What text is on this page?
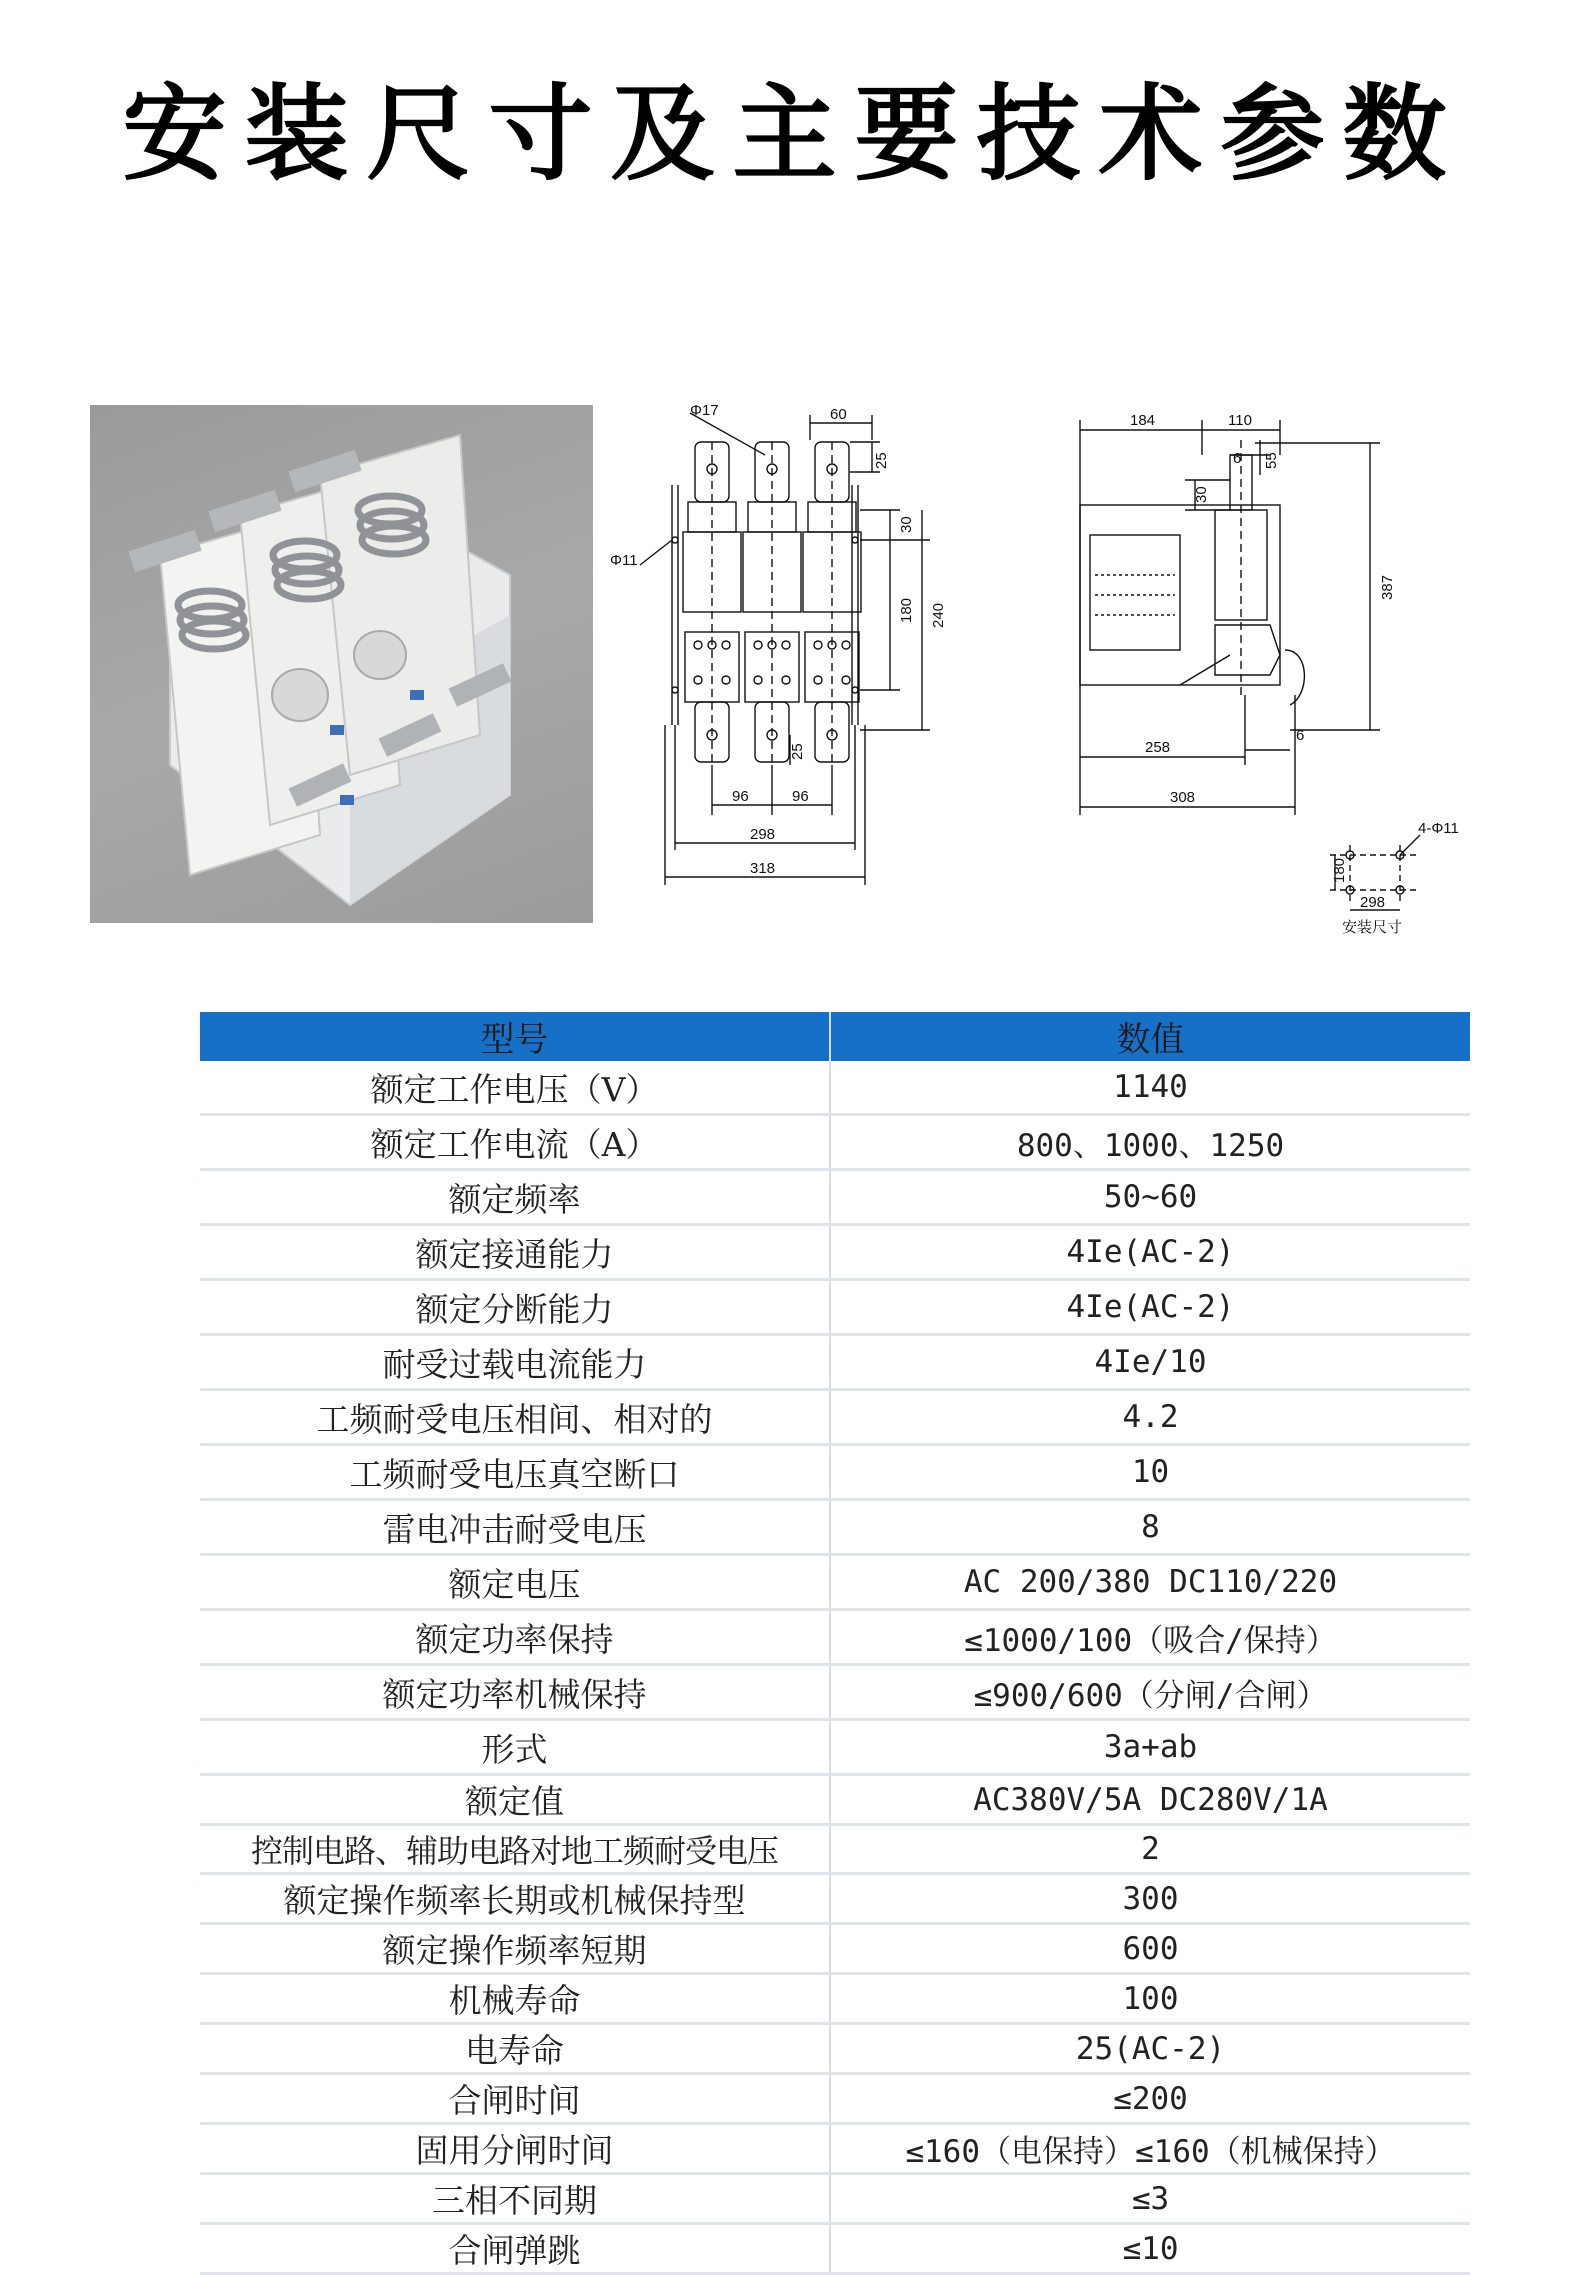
安装尺寸及主要技术参数
Φ17	60
25
Φ11
30
180 240
25
96	96
298
318
184	110
6 55
30
387
258
6
308
4-Φ11
180
298
安装尺寸
型号	数值
额定工作电压（V）	1140
额定工作电流（A）	800、1000、1250
额定频率	50~60
额定接通能力	4Ie(AC-2)
额定分断能力	4Ie(AC-2)
耐受过载电流能力	4Ie/10
工频耐受电压相间、相对的	4.2
工频耐受电压真空断口	10
雷电冲击耐受电压	8
额定电压	AC 200/380 DC110/220
额定功率保持	≤1000/100（吸合/保持）
额定功率机械保持	≤900/600（分闸/合闸）
形式	3a+ab
额定值	AC380V/5A DC280V/1A
控制电路、辅助电路对地工频耐受电压	2
额定操作频率长期或机械保持型	300
额定操作频率短期	600
机械寿命	100
电寿命	25(AC-2)
合闸时间	≤200
固用分闸时间	≤160（电保持）≤160（机械保持）
三相不同期	≤3
合闸弹跳	≤10
